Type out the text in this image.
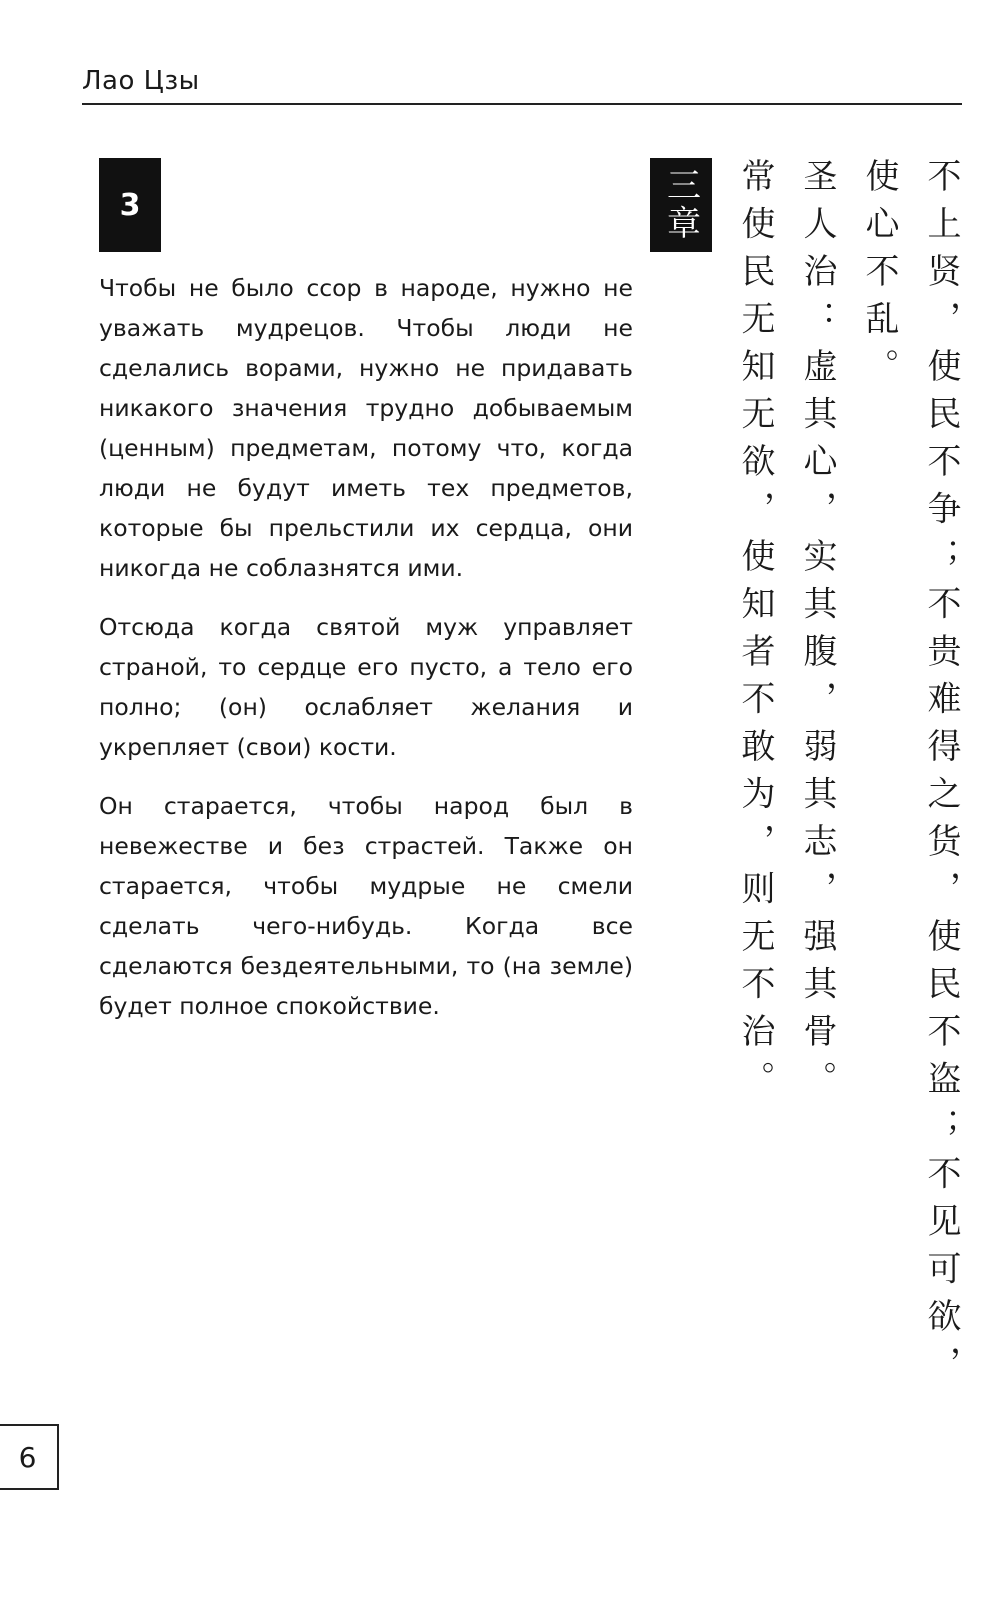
Лао Цзы
3

Чтобы не было ссор в народе, нужно не уважать мудрецов. Чтобы люди не сделались ворами, нужно не придавать никакого значения трудно добываемым (ценным) предметам, потому что, когда люди не будут иметь тех предметов, которые бы прельстили их сердца, они никогда не соблазнятся ими.

Отсюда когда святой муж управляет страной, то сердце его пусто, а тело его полно; (он) ослабляет желания и укрепляет (свои) кости.

Он старается, чтобы народ был в невежестве и без страстей. Также он старается, чтобы мудрые не смели сделать чего-нибудь. Когда все сделаются бездеятельными, то (на земле) будет полное спокойствие.

三章	不上贤，使民不争；不贵难得之货，使民不盗；不见可欲，使心不乱。

圣人治：虚其心，实其腹，弱其志，强其骨。

常使民无知无欲，使知者不敢为，则无不治。

6
